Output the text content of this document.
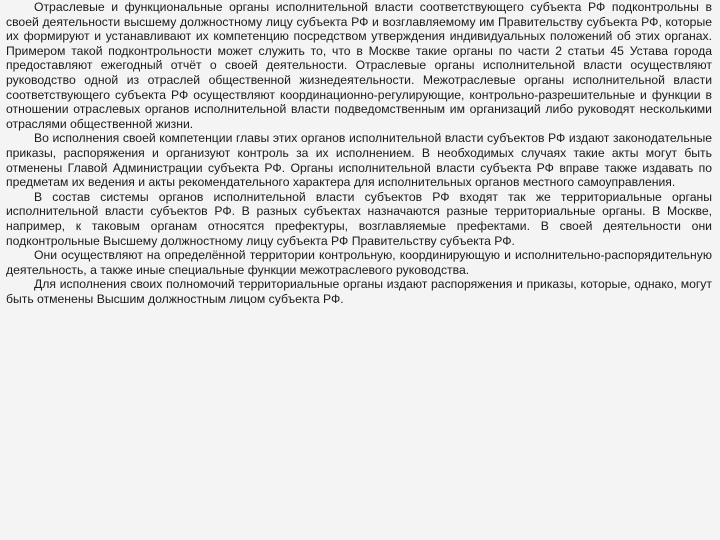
Отраслевые и функциональные органы исполнительной власти соответствующего субъекта РФ подконтрольны в своей деятельности высшему должностному лицу субъекта РФ и возглавляемому им Правительству субъекта РФ, которые их формируют и устанавливают их компетенцию посредством утверждения индивидуальных положений об этих органах. Примером такой подконтрольности может служить то, что в Москве такие органы по части 2 статьи 45 Устава города предоставляют ежегодный отчёт о своей деятельности. Отраслевые органы исполнительной власти осуществляют руководство одной из отраслей общественной жизнедеятельности. Межотраслевые органы исполнительной власти соответствующего субъекта РФ осуществляют координационно-регулирующие, контрольно-разрешительные и функции в отношении отраслевых органов исполнительной власти подведомственным им организаций либо руководят несколькими отраслями общественной жизни.

Во исполнения своей компетенции главы этих органов исполнительной власти субъектов РФ издают законодательные приказы, распоряжения и организуют контроль за их исполнением. В необходимых случаях такие акты могут быть отменены Главой Администрации субъекта РФ. Органы исполнительной власти субъекта РФ вправе также издавать по предметам их ведения и акты рекомендательного характера для исполнительных органов местного самоуправления.

В состав системы органов исполнительной власти субъектов РФ входят так же территориальные органы исполнительной власти субъектов РФ. В разных субъектах назначаются разные территориальные органы. В Москве, например, к таковым органам относятся префектуры, возглавляемые префектами. В своей деятельности они подконтрольные Высшему должностному лицу субъекта РФ Правительству субъекта РФ.

Они осуществляют на определённой территории контрольную, координирующую и исполнительно-распорядительную деятельность, а также иные специальные функции межотраслевого руководства.

Для исполнения своих полномочий территориальные органы издают распоряжения и приказы, которые, однако, могут быть отменены Высшим должностным лицом субъекта РФ.
